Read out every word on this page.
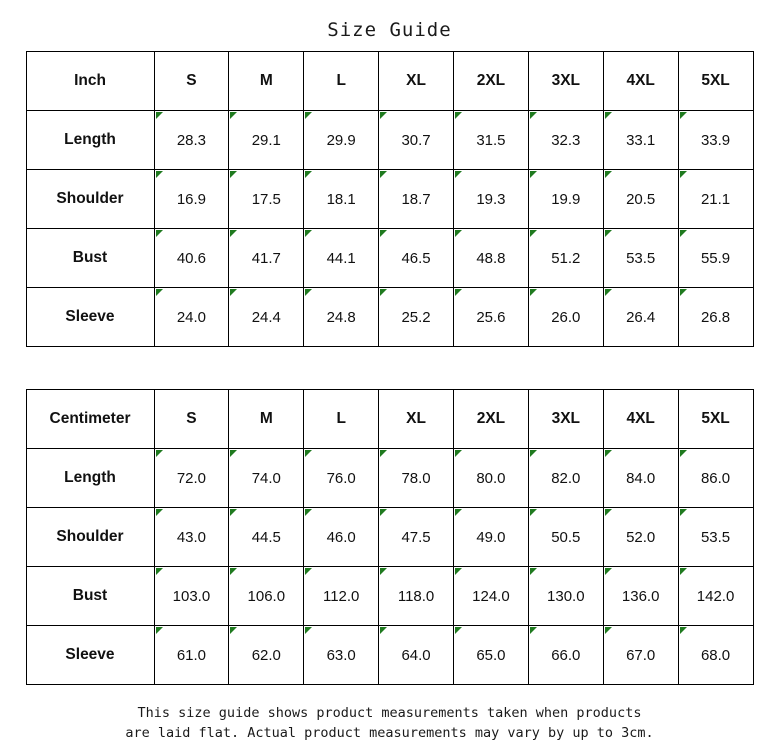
Size Guide
Inch	S	M	L	XL	2XL	3XL	4XL	5XL
Length	28.3	29.1	29.9	30.7	31.5	32.3	33.1	33.9
Shoulder	16.9	17.5	18.1	18.7	19.3	19.9	20.5	21.1
Bust	40.6	41.7	44.1	46.5	48.8	51.2	53.5	55.9
Sleeve	24.0	24.4	24.8	25.2	25.6	26.0	26.4	26.8
Centimeter	S	M	L	XL	2XL	3XL	4XL	5XL
Length	72.0	74.0	76.0	78.0	80.0	82.0	84.0	86.0
Shoulder	43.0	44.5	46.0	47.5	49.0	50.5	52.0	53.5
Bust	103.0	106.0	112.0	118.0	124.0	130.0	136.0	142.0
Sleeve	61.0	62.0	63.0	64.0	65.0	66.0	67.0	68.0
This size guide shows product measurements taken when products
are laid flat. Actual product measurements may vary by up to 3cm.
